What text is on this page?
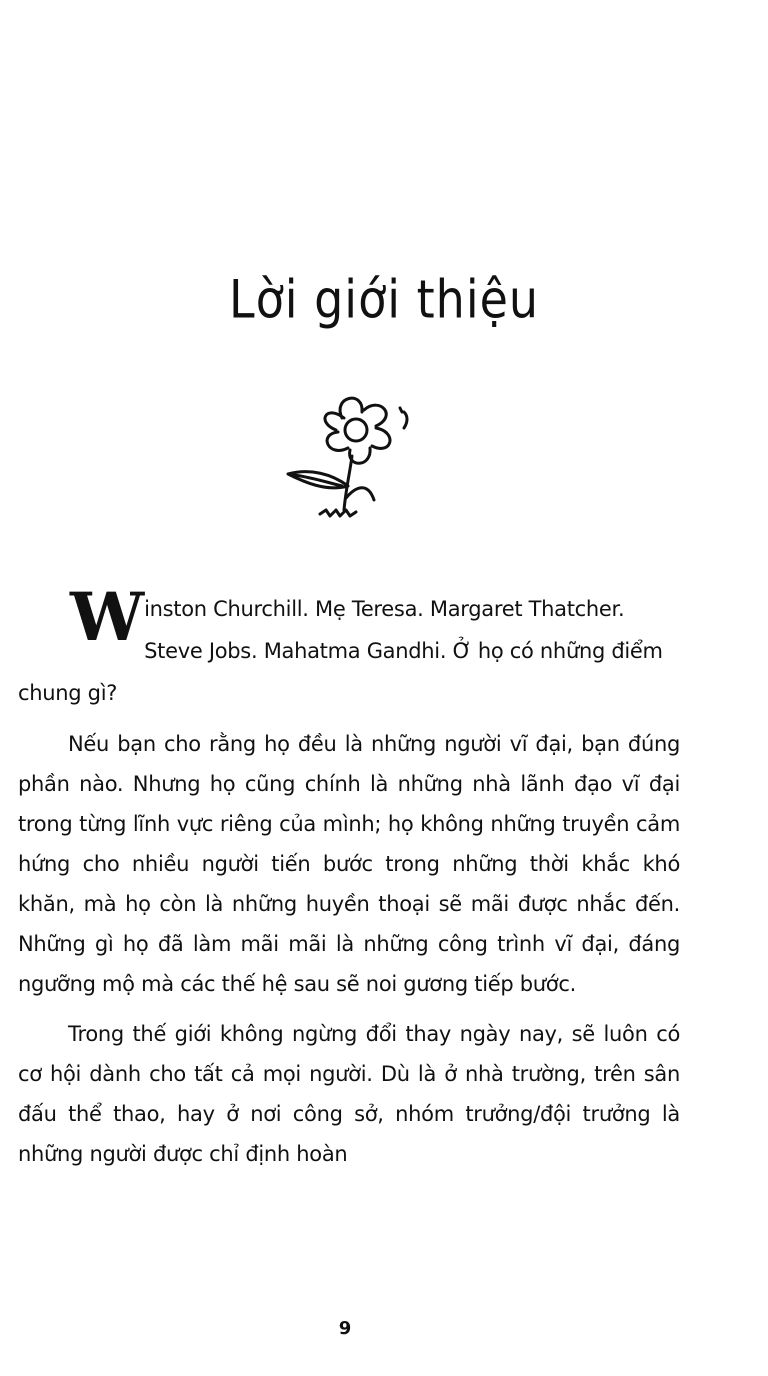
Lời giới thiệu

W inston Churchill. Mẹ Teresa. Margaret Thatcher. Steve Jobs. Mahatma Gandhi. Ở họ có những điểm chung gì?

Nếu bạn cho rằng họ đều là những người vĩ đại, bạn đúng phần nào. Nhưng họ cũng chính là những nhà lãnh đạo vĩ đại trong từng lĩnh vực riêng của mình; họ không những truyền cảm hứng cho nhiều người tiến bước trong những thời khắc khó khăn, mà họ còn là những huyền thoại sẽ mãi được nhắc đến. Những gì họ đã làm mãi mãi là những công trình vĩ đại, đáng ngưỡng mộ mà các thế hệ sau sẽ noi gương tiếp bước.

Trong thế giới không ngừng đổi thay ngày nay, sẽ luôn có cơ hội dành cho tất cả mọi người. Dù là ở nhà trường, trên sân đấu thể thao, hay ở nơi công sở, nhóm trưởng/đội trưởng là những người được chỉ định hoàn

9
